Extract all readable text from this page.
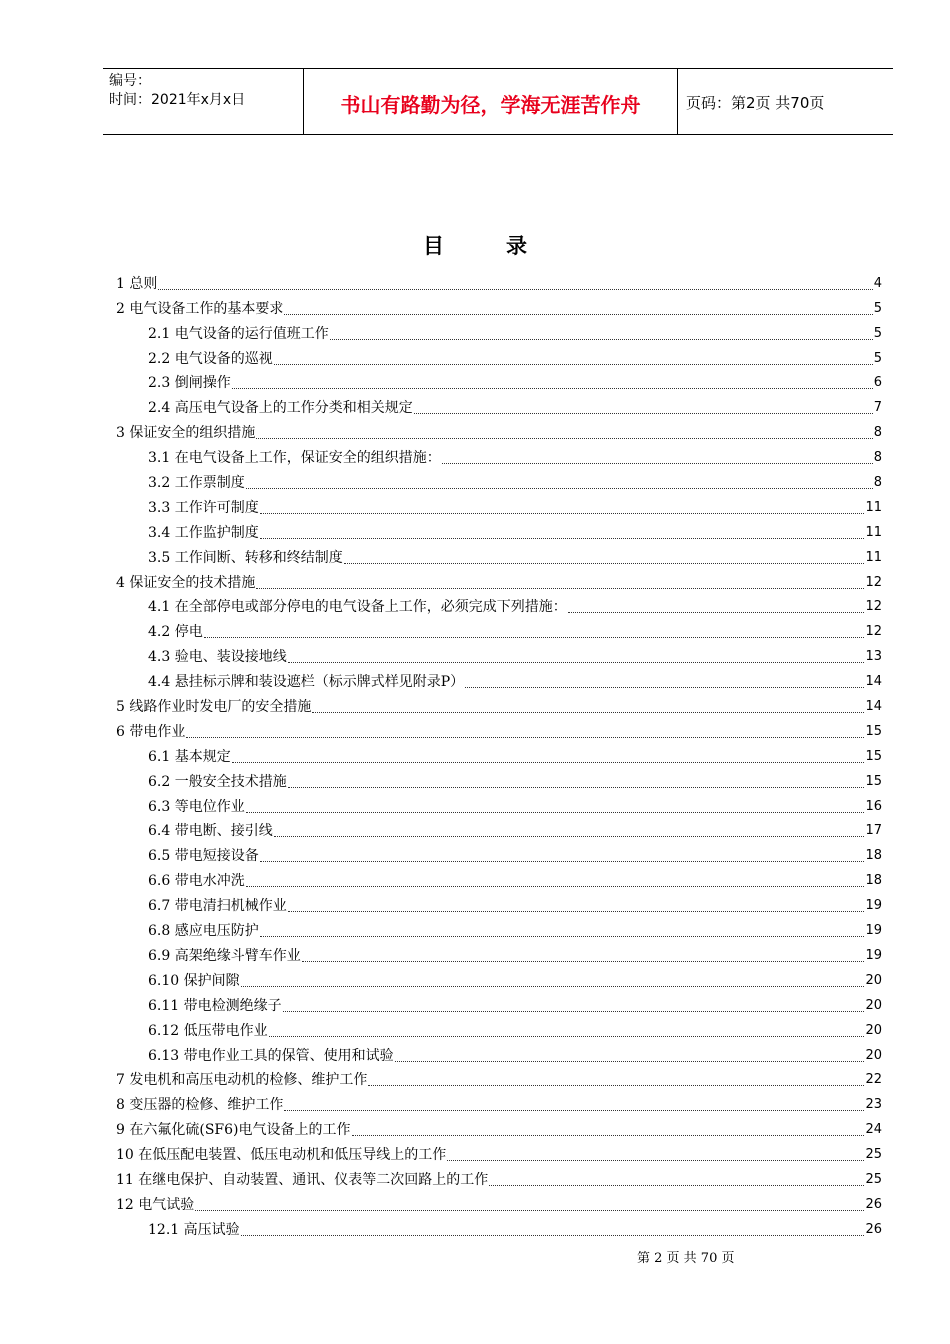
编号：
时间：2021年x月x日	书山有路勤为径，学海无涯苦作舟	页码：第2页 共70页
目	录
1 总则	4
2 电气设备工作的基本要求	5
2.1 电气设备的运行值班工作	5
2.2 电气设备的巡视	5
2.3 倒闸操作	6
2.4 高压电气设备上的工作分类和相关规定	7
3 保证安全的组织措施	8
3.1 在电气设备上工作，保证安全的组织措施：	8
3.2 工作票制度	8
3.3 工作许可制度	11
3.4 工作监护制度	11
3.5 工作间断、转移和终结制度	11
4 保证安全的技术措施	12
4.1 在全部停电或部分停电的电气设备上工作，必须完成下列措施：	12
4.2 停电	12
4.3 验电、装设接地线	13
4.4 悬挂标示牌和装设遮栏（标示牌式样见附录P）	14
5 线路作业时发电厂的安全措施	14
6 带电作业	15
6.1 基本规定	15
6.2 一般安全技术措施	15
6.3 等电位作业	16
6.4 带电断、接引线	17
6.5 带电短接设备	18
6.6 带电水冲洗	18
6.7 带电清扫机械作业	19
6.8 感应电压防护	19
6.9 高架绝缘斗臂车作业	19
6.10 保护间隙	20
6.11 带电检测绝缘子	20
6.12 低压带电作业	20
6.13 带电作业工具的保管、使用和试验	20
7 发电机和高压电动机的检修、维护工作	22
8 变压器的检修、维护工作	23
9 在六氟化硫(SF6)电气设备上的工作	24
10 在低压配电装置、低压电动机和低压导线上的工作	25
11 在继电保护、自动装置、通讯、仪表等二次回路上的工作	25
12 电气试验	26
12.1 高压试验	26
第 2 页 共 70 页
